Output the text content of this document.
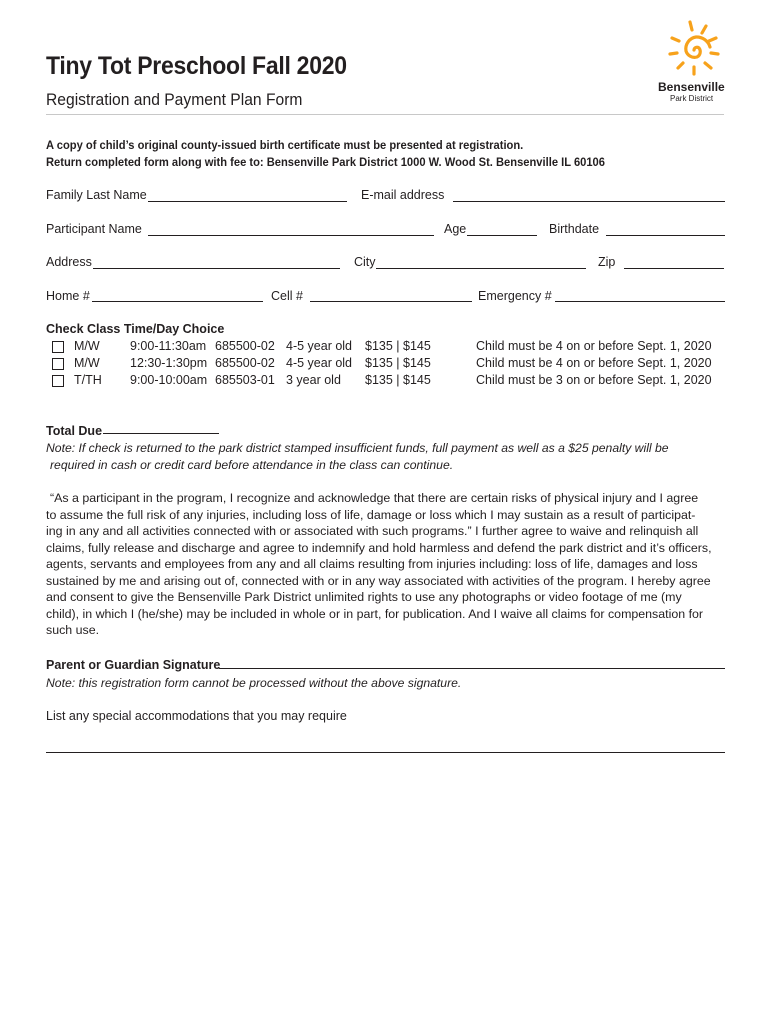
Tiny Tot Preschool Fall 2020
Registration and Payment Plan Form
Bensenville
Park District
A copy of child’s original county-issued birth certificate must be presented at registration.
Return completed form along with fee to: Bensenville Park District 1000 W. Wood St. Bensenville IL 60106
Family Last Name	E-mail address
Participant Name	Age	Birthdate
Address	City	Zip
Home #	Cell #	Emergency #
Check Class Time/Day Choice
M/W 9:00-11:30am 685500-02 4-5 year old $135 | $145	Child must be 4 on or before Sept. 1, 2020
M/W 12:30-1:30pm 685500-02 4-5 year old $135 | $145	Child must be 4 on or before Sept. 1, 2020
T/TH 9:00-10:00am 685503-01 3 year old $135 | $145	Child must be 3 on or before Sept. 1, 2020
Total Due
Note: If check is returned to the park district stamped insufficient funds, full payment as well as a $25 penalty will be
required in cash or credit card before attendance in the class can continue.
“As a participant in the program, I recognize and acknowledge that there are certain risks of physical injury and I agree
to assume the full risk of any injuries, including loss of life, damage or loss which I may sustain as a result of participat-
ing in any and all activities connected with or associated with such programs.” I further agree to waive and relinquish all
claims, fully release and discharge and agree to indemnify and hold harmless and defend the park district and it’s officers,
agents, servants and employees from any and all claims resulting from injuries including: loss of life, damages and loss
sustained by me and arising out of, connected with or in any way associated with activities of the program. I hereby agree
and consent to give the Bensenville Park District unlimited rights to use any photographs or video footage of me (my
child), in which I (he/she) may be included in whole or in part, for publication. And I waive all claims for compensation for
such use.
Parent or Guardian Signature
Note: this registration form cannot be processed without the above signature.
List any special accommodations that you may require
